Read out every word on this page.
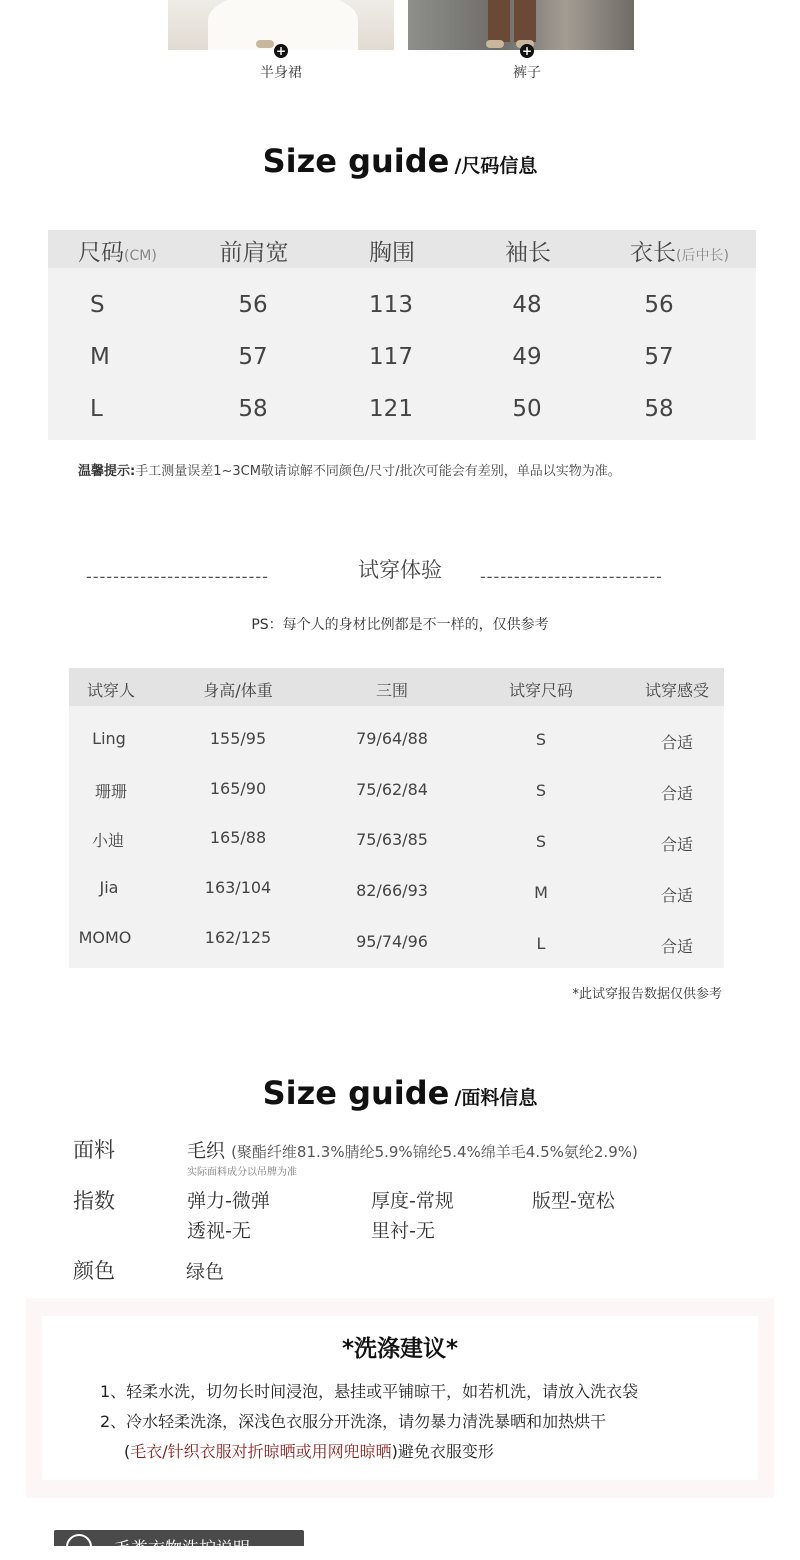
+
半身裙
+
裤子
Size guide /尺码信息
尺码(CM)	前肩宽	胸围	袖长	衣长(后中长)
S	56	113	48	56
M	57	117	49	57
L	58	121	50	58
温馨提示:手工测量误差1~3CM敬请谅解不同颜色/尺寸/批次可能会有差别，单品以实物为准。
---------------------------	试穿体验	---------------------------
PS：每个人的身材比例都是不一样的，仅供参考
试穿人	身高/体重	三围	试穿尺码	试穿感受
Ling	155/95	79/64/88	S	合适
珊珊	165/90	75/62/84	S	合适
小迪	165/88	75/63/85	S	合适
Jia	163/104	82/66/93	M	合适
MOMO	162/125	95/74/96	L	合适
*此试穿报告数据仅供参考
Size guide /面料信息
面料	毛织 (聚酯纤维81.3%腈纶5.9%锦纶5.4%绵羊毛4.5%氨纶2.9%)
实际面料成分以吊牌为准
指数	弹力-微弹	厚度-常规	版型-宽松
透视-无	里衬-无
颜色	绿色
*洗涤建议*
1、轻柔水洗，切勿长时间浸泡，悬挂或平铺晾干，如若机洗，请放入洗衣袋
2、冷水轻柔洗涤，深浅色衣服分开洗涤，请勿暴力清洗暴晒和加热烘干
(毛衣/针织衣服对折晾晒或用网兜晾晒)避免衣服变形
毛类衣物洗护说明
